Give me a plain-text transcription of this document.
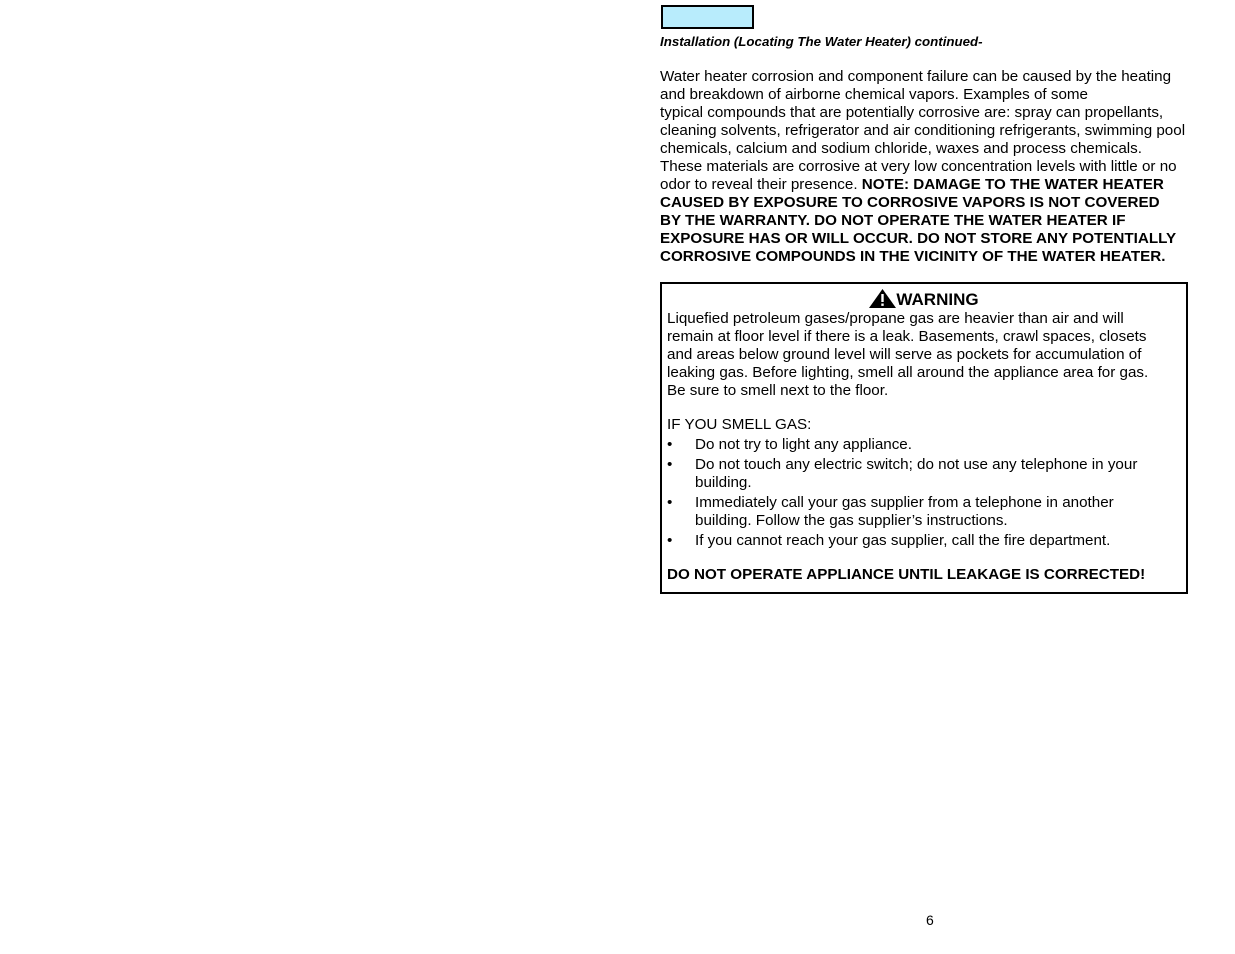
Installation (Locating The Water Heater) continued-
Water heater corrosion and component failure can be caused by the heating
and breakdown of airborne chemical vapors. Examples of some
typical compounds that are potentially corrosive are: spray can propellants,
cleaning solvents, refrigerator and air conditioning refrigerants, swimming pool
chemicals, calcium and sodium chloride, waxes and process chemicals.
These materials are corrosive at very low concentration levels with little or no
odor to reveal their presence. NOTE: DAMAGE TO THE WATER HEATER
CAUSED BY EXPOSURE TO CORROSIVE VAPORS IS NOT COVERED
BY THE WARRANTY. DO NOT OPERATE THE WATER HEATER IF
EXPOSURE HAS OR WILL OCCUR. DO NOT STORE ANY POTENTIALLY
CORROSIVE COMPOUNDS IN THE VICINITY OF THE WATER HEATER.
WARNING
Liquefied petroleum gases/propane gas are heavier than air and will
remain at floor level if there is a leak. Basements, crawl spaces, closets
and areas below ground level will serve as pockets for accumulation of
leaking gas. Before lighting, smell all around the appliance area for gas.
Be sure to smell next to the floor.
IF YOU SMELL GAS:
• Do not try to light any appliance.
• Do not touch any electric switch; do not use any telephone in your
building.
• Immediately call your gas supplier from a telephone in another
building. Follow the gas supplier’s instructions.
• If you cannot reach your gas supplier, call the fire department.
DO NOT OPERATE APPLIANCE UNTIL LEAKAGE IS CORRECTED!
6
